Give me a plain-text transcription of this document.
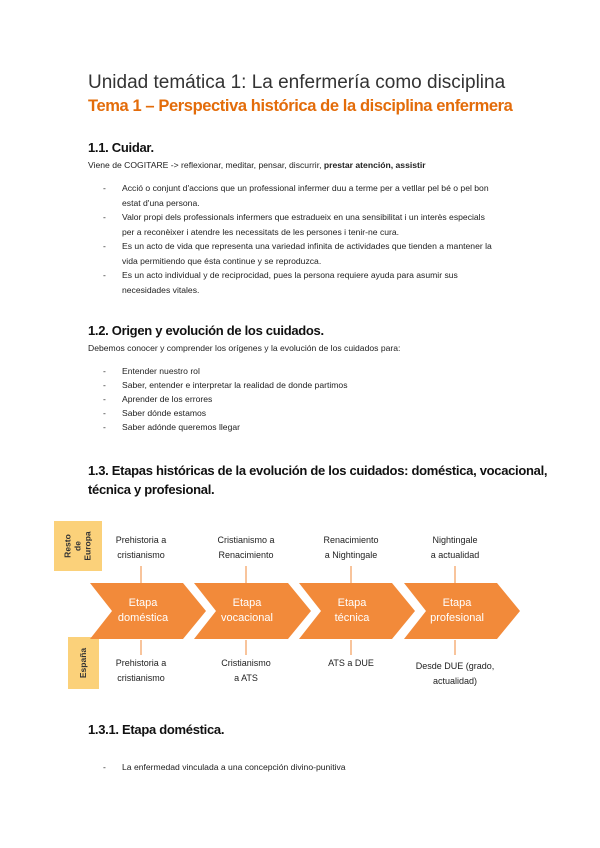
Unidad temática 1: La enfermería como disciplina
Tema 1 – Perspectiva histórica de la disciplina enfermera
1.1. Cuidar.
Viene de COGITARE -> reflexionar, meditar, pensar, discurrir, prestar atención, assistir
- Acció o conjunt d'accions que un professional infermer duu a terme per a vetllar pel bé o pel bon
estat d'una persona.
- Valor propi dels professionals infermers que estradueix en una sensibilitat i un interès especials
per a reconèixer i atendre les necessitats de les persones i tenir-ne cura.
- Es un acto de vida que representa una variedad infinita de actividades que tienden a mantener la
vida permitiendo que ésta continue y se reproduzca.
- Es un acto individual y de reciprocidad, pues la persona requiere ayuda para asumir sus
necesidades vitales.
1.2. Origen y evolución de los cuidados.
Debemos conocer y comprender los orígenes y la evolución de los cuidados para:
- Entender nuestro rol
- Saber, entender e interpretar la realidad de donde partimos
- Aprender de los errores
- Saber dónde estamos
- Saber adónde queremos llegar
1.3. Etapas históricas de la evolución de los cuidados: doméstica, vocacional,
técnica y profesional.
Resto
de
Europa
España
Etapa
doméstica
Etapa
vocacional
Etapa
técnica
Etapa
profesional
Prehistoria a
cristianismo
Cristianismo a
Renacimiento
Renacimiento
a Nightingale
Nightingale
a actualidad
Prehistoria a
cristianismo
Cristianismo
a ATS
ATS a DUE	Desde DUE (grado,
actualidad)
1.3.1. Etapa doméstica.
- La enfermedad vinculada a una concepción divino-punitiva
